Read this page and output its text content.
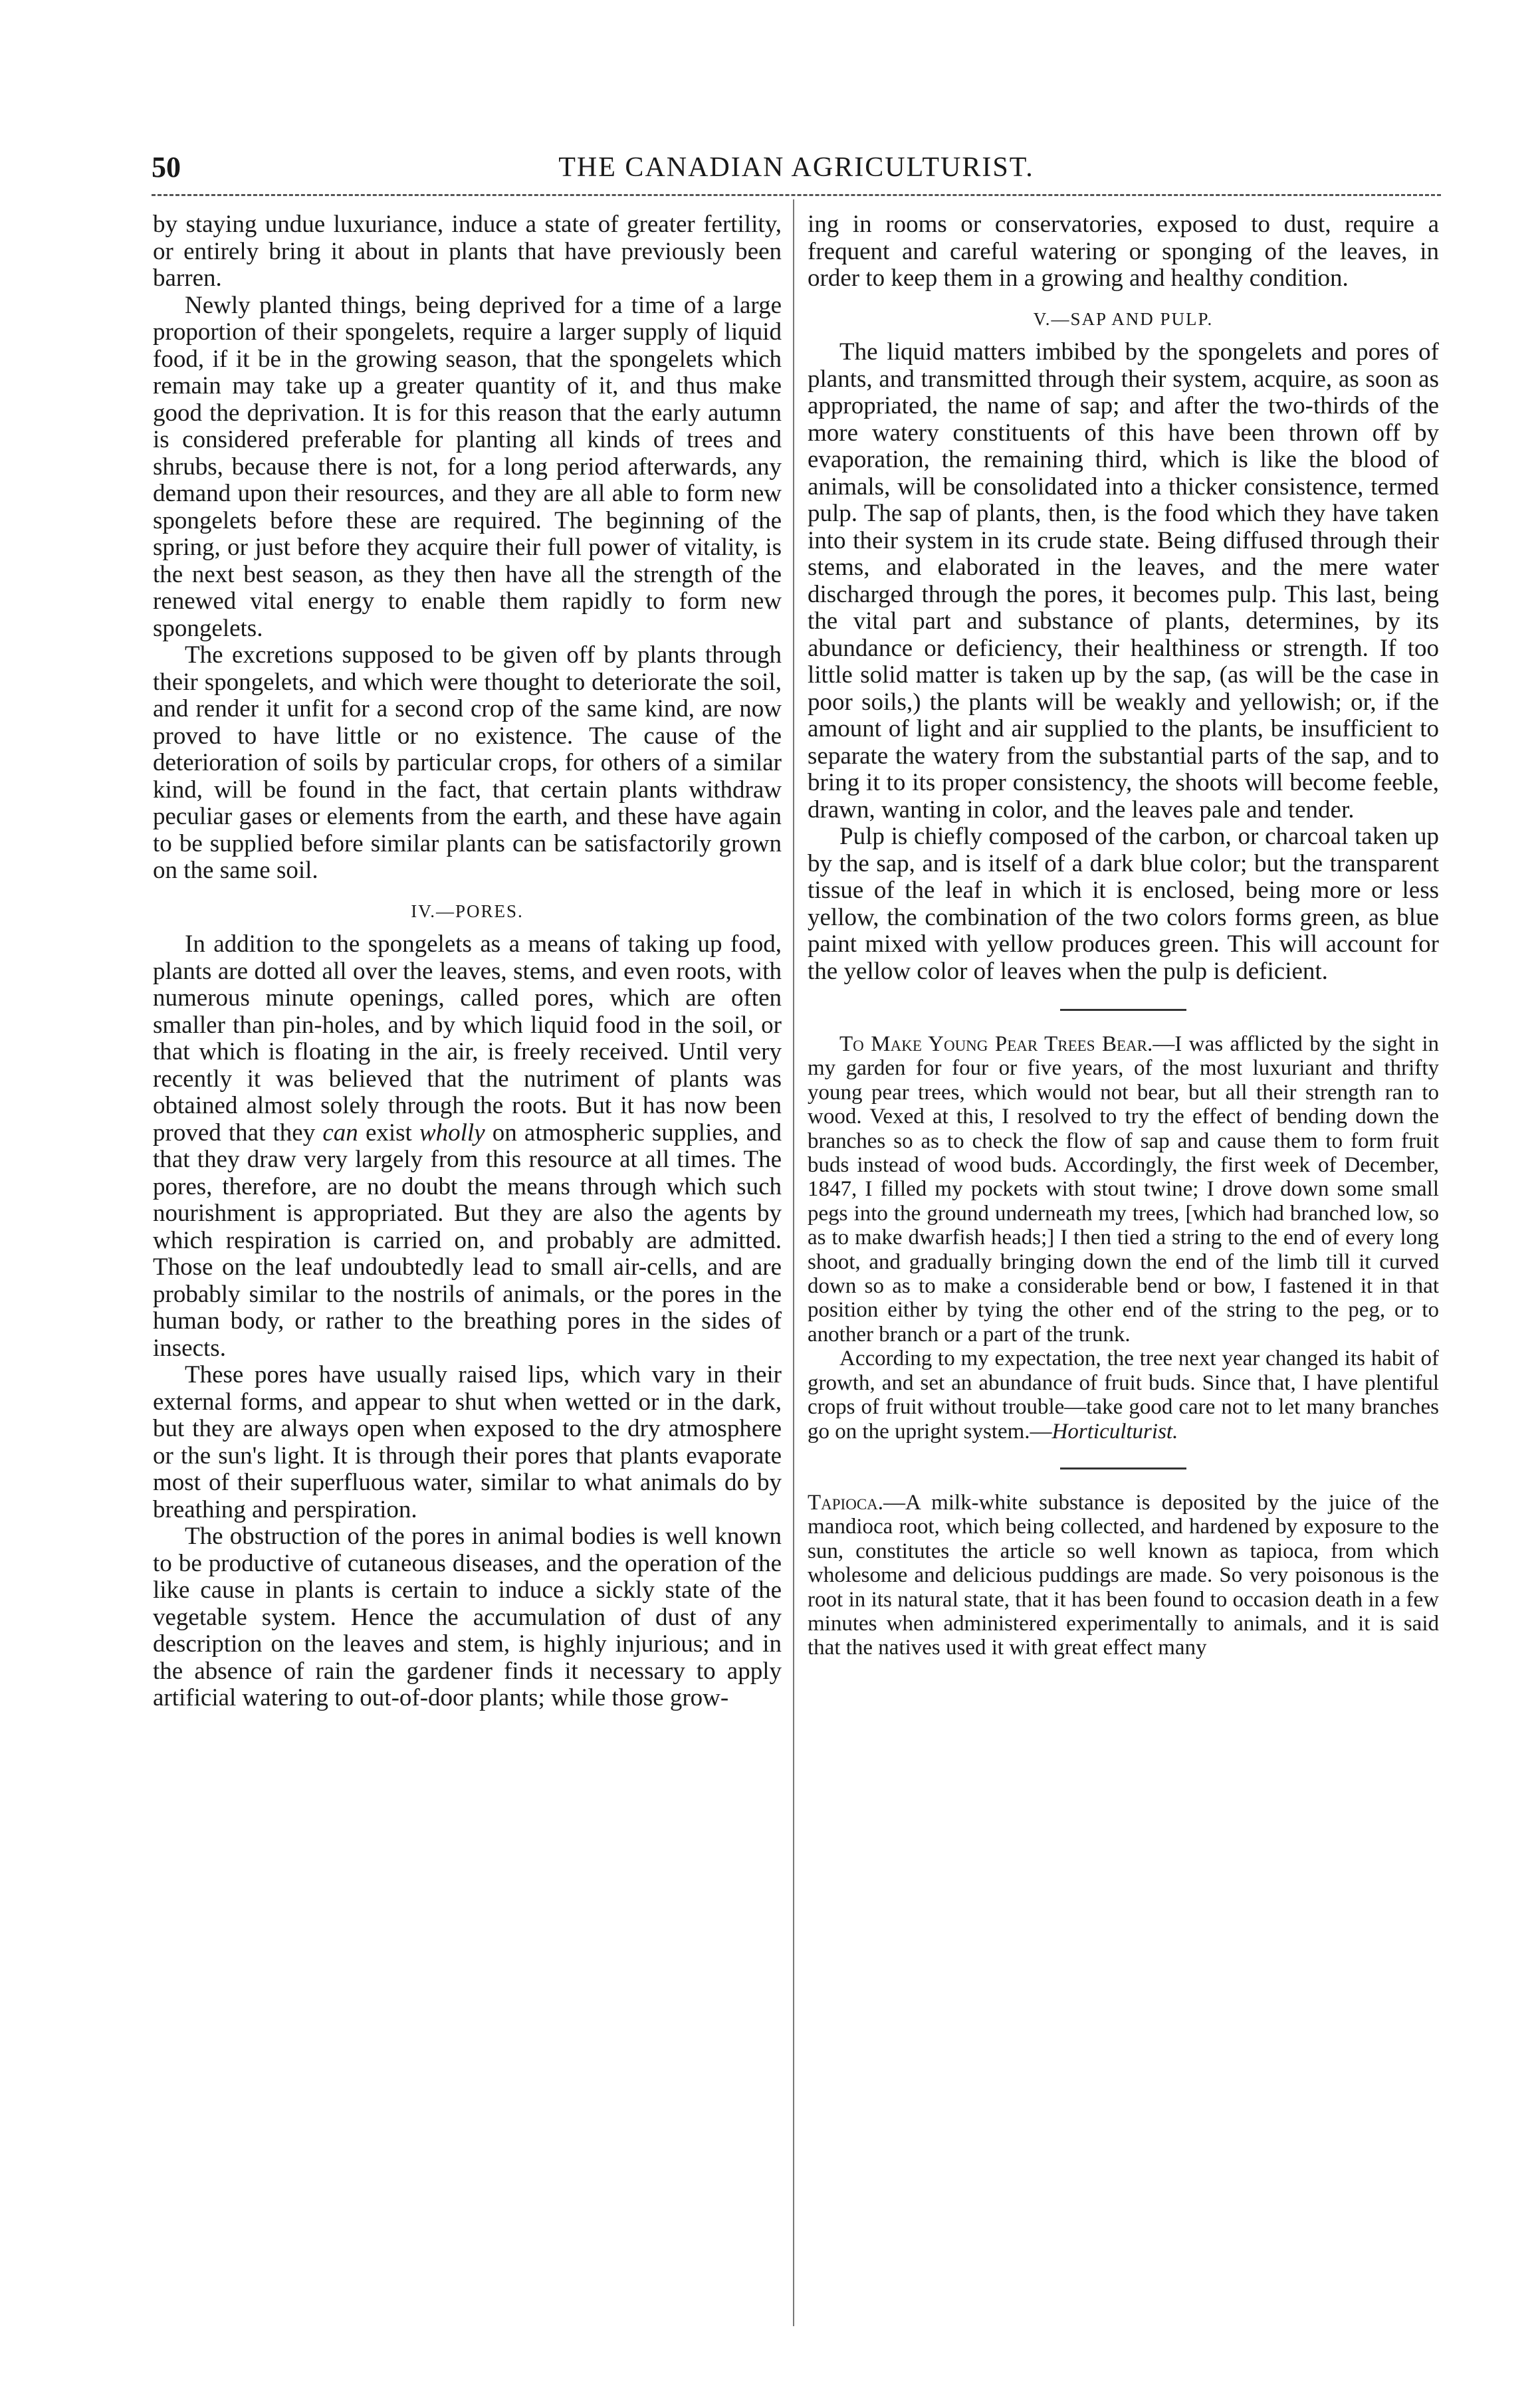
50	THE CANADIAN AGRICULTURIST.

by staying undue luxuriance, induce a state of greater fertility, or entirely bring it about in plants that have previously been barren.

Newly planted things, being deprived for a time of a large proportion of their spongelets, require a larger supply of liquid food, if it be in the growing season, that the spongelets which remain may take up a greater quantity of it, and thus make good the deprivation. It is for this reason that the early autumn is considered preferable for planting all kinds of trees and shrubs, because there is not, for a long period afterwards, any demand upon their resources, and they are all able to form new spongelets before these are required. The beginning of the spring, or just before they acquire their full power of vitality, is the next best season, as they then have all the strength of the renewed vital energy to enable them rapidly to form new spongelets.

The excretions supposed to be given off by plants through their spongelets, and which were thought to deteriorate the soil, and render it unfit for a second crop of the same kind, are now proved to have little or no existence. The cause of the deterioration of soils by particular crops, for others of a similar kind, will be found in the fact, that certain plants withdraw peculiar gases or elements from the earth, and these have again to be supplied before similar plants can be satisfactorily grown on the same soil.

IV.—PORES.

In addition to the spongelets as a means of taking up food, plants are dotted all over the leaves, stems, and even roots, with numerous minute openings, called pores, which are often smaller than pin-holes, and by which liquid food in the soil, or that which is floating in the air, is freely received. Until very recently it was believed that the nutriment of plants was obtained almost solely through the roots. But it has now been proved that they can exist wholly on atmospheric supplies, and that they draw very largely from this resource at all times. The pores, therefore, are no doubt the means through which such nourishment is appropriated. But they are also the agents by which respiration is carried on, and probably are admitted. Those on the leaf undoubtedly lead to small air-cells, and are probably similar to the nostrils of animals, or the pores in the human body, or rather to the breathing pores in the sides of insects.

These pores have usually raised lips, which vary in their external forms, and appear to shut when wetted or in the dark, but they are always open when exposed to the dry atmosphere or the sun's light. It is through their pores that plants evaporate most of their superfluous water, similar to what animals do by breathing and perspiration.

The obstruction of the pores in animal bodies is well known to be productive of cutaneous diseases, and the operation of the like cause in plants is certain to induce a sickly state of the vegetable system. Hence the accumulation of dust of any description on the leaves and stem, is highly injurious; and in the absence of rain the gardener finds it necessary to apply artificial watering to out-of-door plants; while those grow-

ing in rooms or conservatories, exposed to dust, require a frequent and careful watering or sponging of the leaves, in order to keep them in a growing and healthy condition.

V.—SAP AND PULP.

The liquid matters imbibed by the spongelets and pores of plants, and transmitted through their system, acquire, as soon as appropriated, the name of sap; and after the two-thirds of the more watery constituents of this have been thrown off by evaporation, the remaining third, which is like the blood of animals, will be consolidated into a thicker consistence, termed pulp. The sap of plants, then, is the food which they have taken into their system in its crude state. Being diffused through their stems, and elaborated in the leaves, and the mere water discharged through the pores, it becomes pulp. This last, being the vital part and substance of plants, determines, by its abundance or deficiency, their healthiness or strength. If too little solid matter is taken up by the sap, (as will be the case in poor soils,) the plants will be weakly and yellowish; or, if the amount of light and air supplied to the plants, be insufficient to separate the watery from the substantial parts of the sap, and to bring it to its proper consistency, the shoots will become feeble, drawn, wanting in color, and the leaves pale and tender.

Pulp is chiefly composed of the carbon, or charcoal taken up by the sap, and is itself of a dark blue color; but the transparent tissue of the leaf in which it is enclosed, being more or less yellow, the combination of the two colors forms green, as blue paint mixed with yellow produces green. This will account for the yellow color of leaves when the pulp is deficient.

To Make Young Pear Trees Bear.—I was afflicted by the sight in my garden for four or five years, of the most luxuriant and thrifty young pear trees, which would not bear, but all their strength ran to wood. Vexed at this, I resolved to try the effect of bending down the branches so as to check the flow of sap and cause them to form fruit buds instead of wood buds. Accordingly, the first week of December, 1847, I filled my pockets with stout twine; I drove down some small pegs into the ground underneath my trees, [which had branched low, so as to make dwarfish heads;] I then tied a string to the end of every long shoot, and gradually bringing down the end of the limb till it curved down so as to make a considerable bend or bow, I fastened it in that position either by tying the other end of the string to the peg, or to another branch or a part of the trunk.

According to my expectation, the tree next year changed its habit of growth, and set an abundance of fruit buds. Since that, I have plentiful crops of fruit without trouble—take good care not to let many branches go on the upright system.—Horticulturist.

Tapioca.—A milk-white substance is deposited by the juice of the mandioca root, which being collected, and hardened by exposure to the sun, constitutes the article so well known as tapioca, from which wholesome and delicious puddings are made. So very poisonous is the root in its natural state, that it has been found to occasion death in a few minutes when administered experimentally to animals, and it is said that the natives used it with great effect many
